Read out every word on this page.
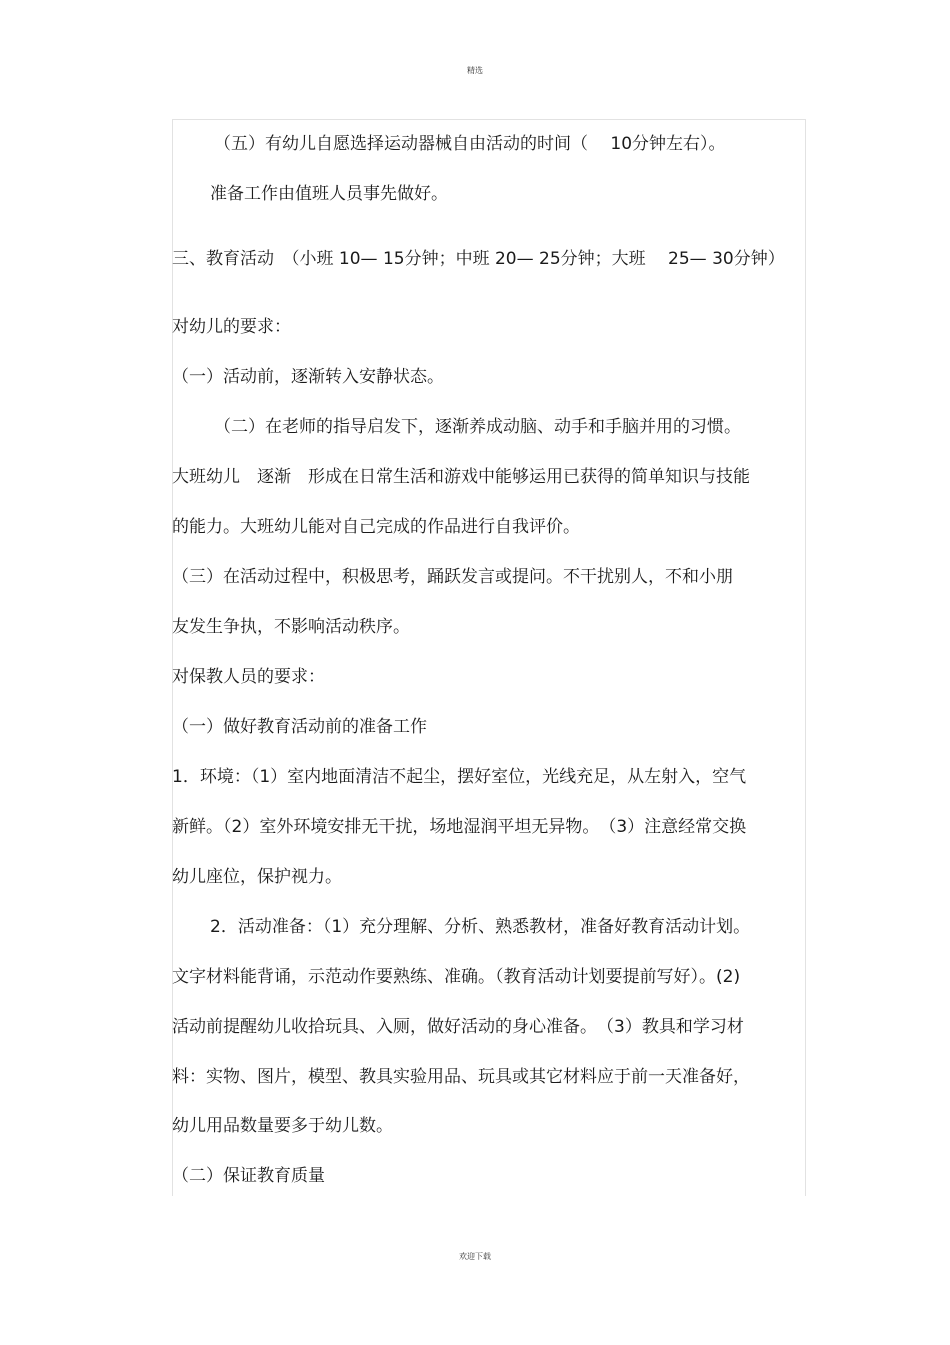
精选
（五）有幼儿自愿选择运动器械自由活动的时间（　 10分钟左右）。
准备工作由值班人员事先做好。
三、教育活动　（小班 10— 15分钟；中班 20— 25分钟；大班　 25— 30分钟）
对幼儿的要求：
（一）活动前，逐渐转入安静状态。
（二）在老师的指导启发下，逐渐养成动脑、动手和手脑并用的习惯。
大班幼儿　逐渐　形成在日常生活和游戏中能够运用已获得的简单知识与技能
的能力。大班幼儿能对自己完成的作品进行自我评价。
（三）在活动过程中，积极思考，踊跃发言或提问。不干扰别人，不和小朋
友发生争执，不影响活动秩序。
对保教人员的要求：
（一）做好教育活动前的准备工作
1．环境：（1）室内地面清洁不起尘，摆好室位，光线充足，从左射入，空气
新鲜。（2）室外环境安排无干扰，场地湿润平坦无异物。　（3）注意经常交换
幼儿座位，保护视力。
2．活动准备：（1）充分理解、分析、熟悉教材，准备好教育活动计划。
文字材料能背诵，示范动作要熟练、准确。（教育活动计划要提前写好）。(2)
活动前提醒幼儿收拾玩具、入厕，做好活动的身心准备。　（3）教具和学习材
料：实物、图片，模型、教具实验用品、玩具或其它材料应于前一天准备好，
幼儿用品数量要多于幼儿数。
（二）保证教育质量
欢迎下载
